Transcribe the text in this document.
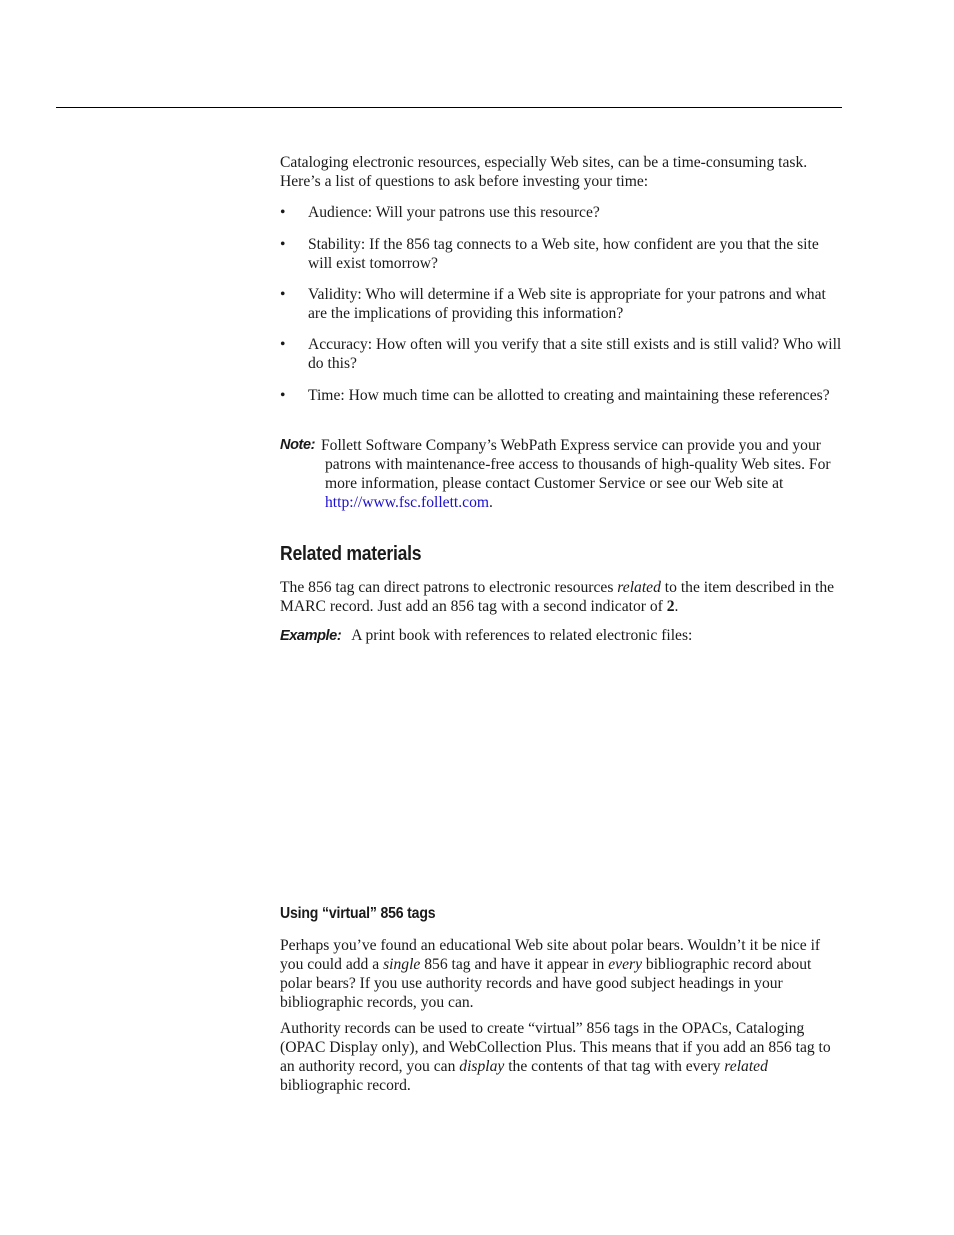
Cataloging electronic resources, especially Web sites, can be a time-consuming task. Here’s a list of questions to ask before investing your time:

• Audience: Will your patrons use this resource?
• Stability: If the 856 tag connects to a Web site, how confident are you that the site will exist tomorrow?
• Validity: Who will determine if a Web site is appropriate for your patrons and what are the implications of providing this information?
• Accuracy: How often will you verify that a site still exists and is still valid? Who will do this?
• Time: How much time can be allotted to creating and maintaining these references?
Note: Follett Software Company’s WebPath Express service can provide you and your patrons with maintenance-free access to thousands of high-quality Web sites. For more information, please contact Customer Service or see our Web site at http://www.fsc.follett.com.
Related materials

The 856 tag can direct patrons to electronic resources related to the item described in the MARC record. Just add an 856 tag with a second indicator of 2.

Example: A print book with references to related electronic files:
Using “virtual” 856 tags

Perhaps you’ve found an educational Web site about polar bears. Wouldn’t it be nice if you could add a single 856 tag and have it appear in every bibliographic record about polar bears? If you use authority records and have good subject headings in your bibliographic records, you can.

Authority records can be used to create “virtual” 856 tags in the OPACs, Cataloging (OPAC Display only), and WebCollection Plus. This means that if you add an 856 tag to an authority record, you can display the contents of that tag with every related bibliographic record.
